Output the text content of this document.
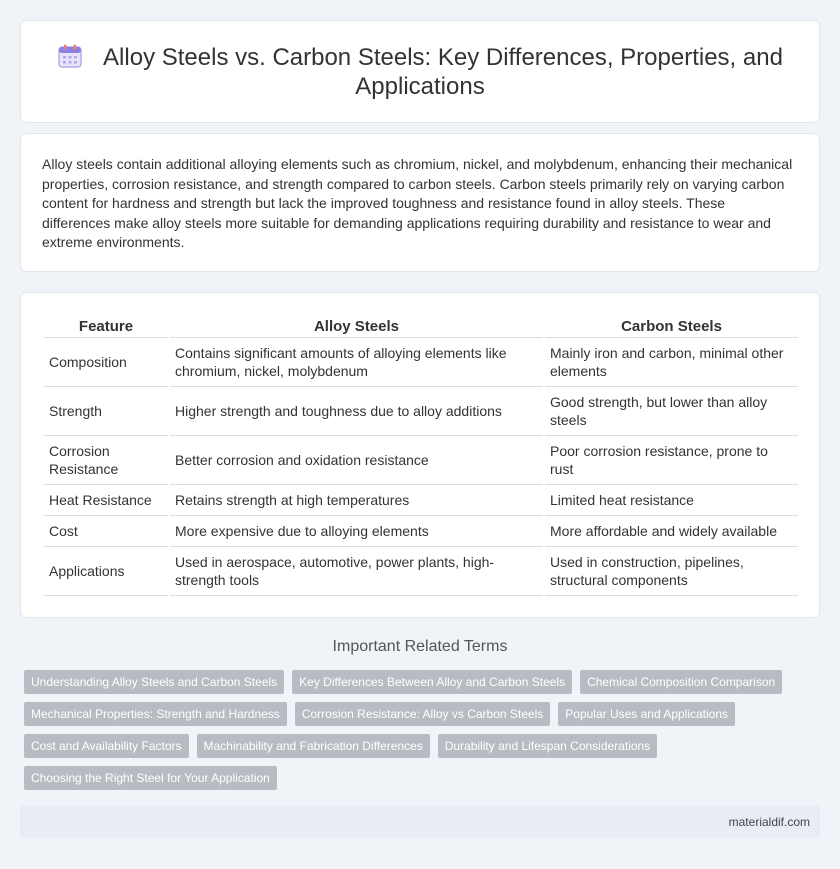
Alloy Steels vs. Carbon Steels: Key Differences, Properties, and Applications

Alloy steels contain additional alloying elements such as chromium, nickel, and molybdenum, enhancing their mechanical properties, corrosion resistance, and strength compared to carbon steels. Carbon steels primarily rely on varying carbon content for hardness and strength but lack the improved toughness and resistance found in alloy steels. These differences make alloy steels more suitable for demanding applications requiring durability and resistance to wear and extreme environments.

Feature	Alloy Steels	Carbon Steels
Composition	Contains significant amounts of alloying elements like chromium, nickel, molybdenum	Mainly iron and carbon, minimal other elements
Strength	Higher strength and toughness due to alloy additions	Good strength, but lower than alloy steels
Corrosion Resistance	Better corrosion and oxidation resistance	Poor corrosion resistance, prone to rust
Heat Resistance	Retains strength at high temperatures	Limited heat resistance
Cost	More expensive due to alloying elements	More affordable and widely available
Applications	Used in aerospace, automotive, power plants, high-strength tools	Used in construction, pipelines, structural components
Important Related Terms
Understanding Alloy Steels and Carbon Steels	Key Differences Between Alloy and Carbon Steels	Chemical Composition Comparison
Mechanical Properties: Strength and Hardness	Corrosion Resistance: Alloy vs Carbon Steels	Popular Uses and Applications
Cost and Availability Factors	Machinability and Fabrication Differences	Durability and Lifespan Considerations
Choosing the Right Steel for Your Application
materialdif.com
